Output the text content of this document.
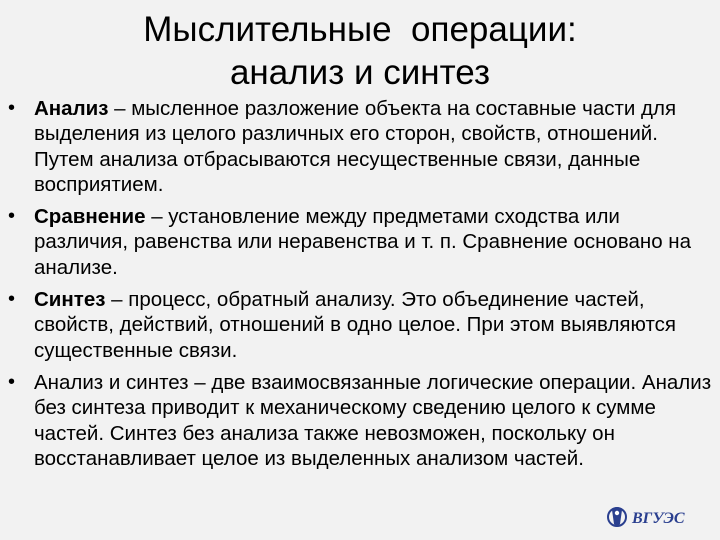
Мыслительные  операции:
анализ и синтез
• Анализ – мысленное разложение объекта на составные части для выделения из целого различных его сторон, свойств, отношений. Путем анализа отбрасываются несущественные связи, данные восприятием.
• Сравнение – установление между предметами сходства или различия, равенства или неравенства и т. п. Сравнение основано на анализе.
• Синтез – процесс, обратный анализу. Это объединение частей, свойств, действий, отношений в одно целое. При этом выявляются существенные связи.
• Анализ и синтез – две взаимосвязанные логические операции. Анализ без синтеза приводит к механическому сведению целого к сумме частей. Синтез без анализа также невозможен, поскольку он восстанавливает целое из выделенных анализом частей.
ВГУЭС
